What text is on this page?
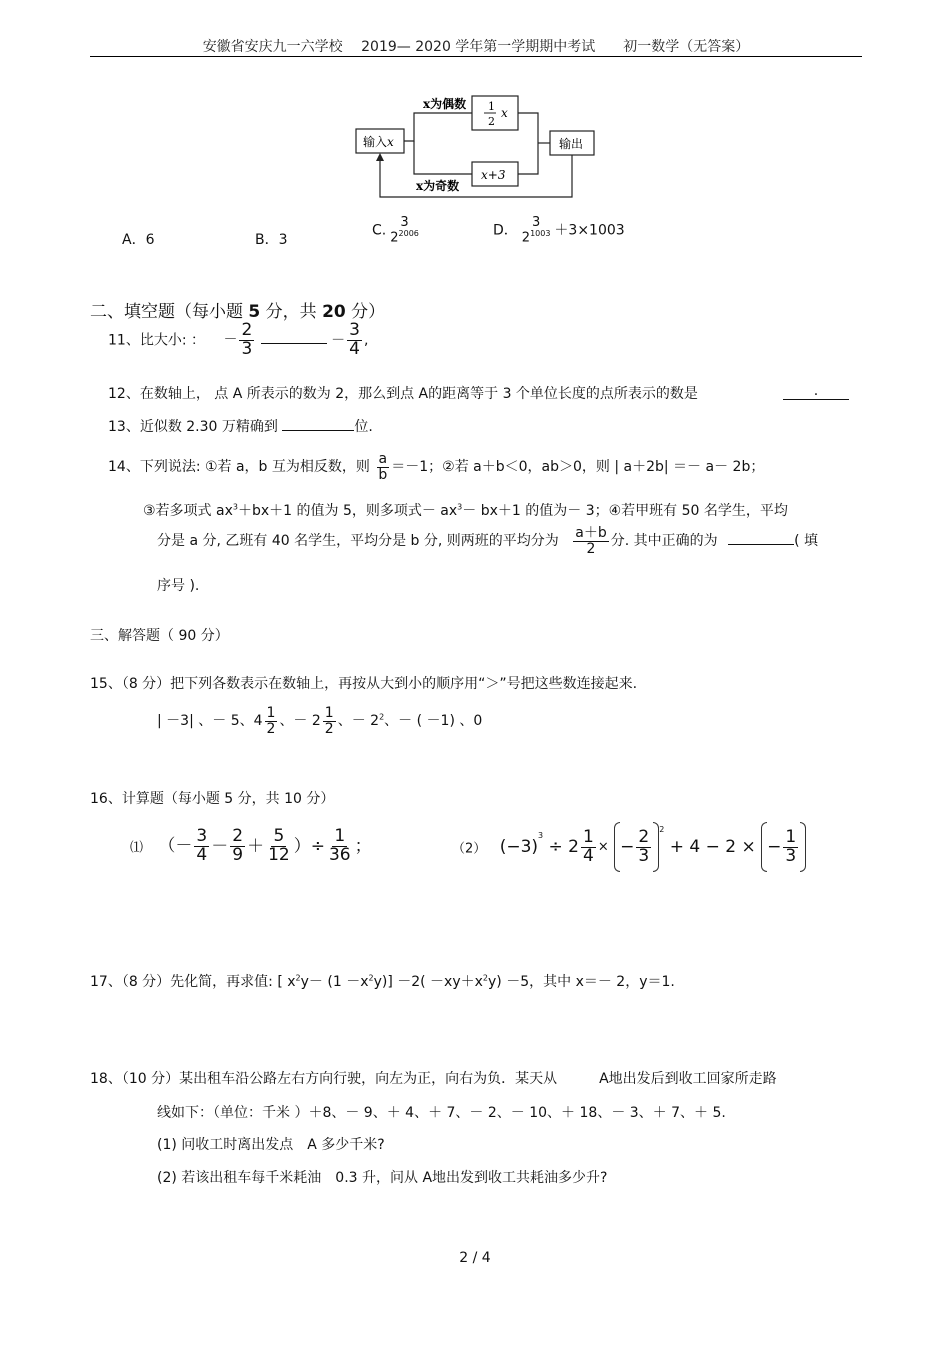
安徽省安庆九一六学校　 2019— 2020 学年第一学期期中考试　　初一数学（无答案）
输入x	输出
x为偶数
x为奇数
1
2
x
x+3
A．6	B．3
C. 3
$2^{2006}$	D． 3
$2^{1003} +3\times 1003$
二、填空题（每小题 5 分，共 20 分）
11、比大小: ： － $\frac{2}{3}$	－ $\frac{3}{4}$ ,
12、在数轴上， 点 A 所表示的数为 2，那么到点 A的距离等于 3 个单位长度的点所表示的数是	.
13、近似数 2.30 万精确到	位.
14、下列说法: ①若 a，b 互为相反数，则 $\frac{a}{b} =-1$；②若 a＋b＜0，ab＞0，则 | a＋2b| ＝－ a－ 2b；
③若多项式 $ax^3+bx+1$ 的值为 5，则多项式－ $ax^3- bx+1$ 的值为－ 3；④若甲班有 50 名学生，平均
分是 a 分, 乙班有 40 名学生，平均分是 b 分, 则两班的平均分为 $\frac{a+b}{2}$ 分. 其中正确的为	( 填
序号 ).
三、解答题（ 90 分）
15、（8 分）把下列各数表示在数轴上，再按从大到小的顺序用“＞”号把这些数连接起来.
| －3| 、－ 5、$4 \frac{1}{2}$ 、－ $2 \frac{1}{2}$ 、－ $2^2$、－ ( －1) 、0
16、计算题（每小题 5 分，共 10 分）
⑴ （－ $\frac{3}{4} - \frac{2}{9} + \frac{5}{12}$ ）÷ $\frac{1}{36}$ ；	（2） $(-3)^3 \div 2 \frac{1}{4}$ × − $\frac{2}{3} ^2 + 4 - 2$ × − $\frac{1}{3}$
17、（8 分）先化简，再求值: [ $x^2y- (1 -x^2y)] -2( -xy+x^2y) -5$，其中 x＝－ 2，y＝1.
18、（10 分）某出租车沿公路左右方向行驶，向左为正，向右为负．某天从　　　A地出发后到收工回家所走路
线如下：（单位：千米 ）＋8、－ 9、＋ 4、＋ 7、－ 2、－ 10、＋ 18、－ 3、＋ 7、＋ 5.
(1) 问收工时离出发点　A 多少千米?
(2) 若该出租车每千米耗油　0.3 升，问从 A地出发到收工共耗油多少升?
2 / 4
